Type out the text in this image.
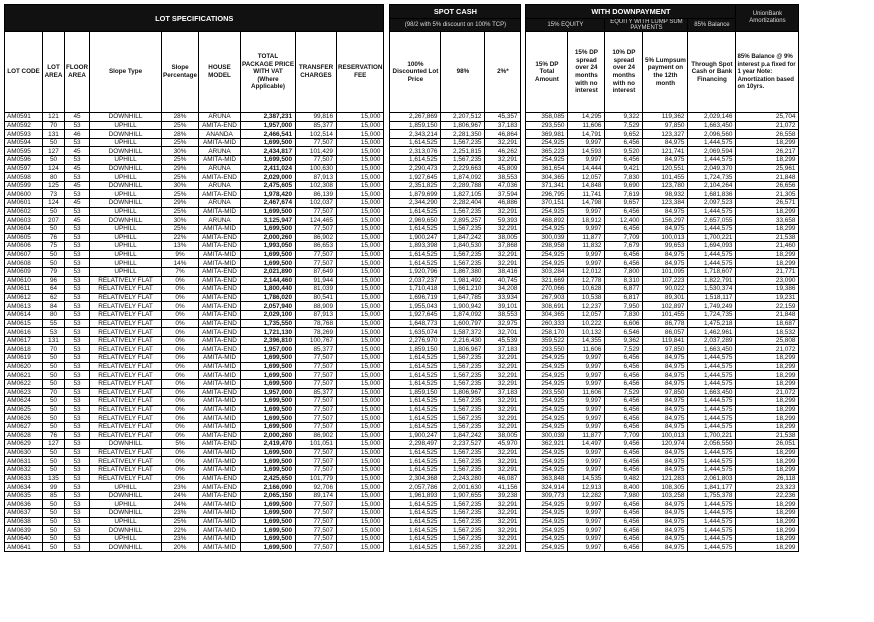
LOT SPECIFICATIONS										SPOT CASH				WITH DOWNPAYMENT					UnionBank Amortizations
										(98/2 with 5% discount on 100% TCP)				15% EQUITY		EQUITY WITH LUMP SUM PAYMENTS		85% Balance	
LOT CODE	LOT AREA	FLOOR AREA	Slope Type	Slope Percentage	HOUSE MODEL	TOTAL PACKAGE PRICE WITH VAT (Where Applicable)	TRANSFER CHARGES	RESERVATION FEE		100% Discounted Lot Price	98%	2%*		15% DP Total Amount	15% DP spread over 24 months with no interest	10% DP spread over 24 months with no interest	5% Lumpsum payment on the 12th month	Through Spot Cash or Bank Financing	85% Balance @ 9% interest p.a fixed for 1 year Note: Amortization based on 10yrs.
AM0591	121	45	DOWNHILL	28%	ARUNA	2,387,231	99,816	15,000		2,267,869	2,207,512	45,357		358,085	14,295	9,322	119,362	2,029,146	25,704
AM0592	70	53	UPHILL	25%	AMITA-END	1,957,000	85,377	15,000		1,859,150	1,806,967	37,183		293,550	11,606	7,529	97,850	1,663,450	21,072
AM0593	131	46	DOWNHILL	28%	ANANDA	2,466,541	102,514	15,000		2,343,214	2,281,350	46,864		369,981	14,791	9,652	123,327	2,096,560	26,558
AM0594	50	53	UPHILL	25%	AMITA-MID	1,699,500	77,507	15,000		1,614,525	1,567,235	32,291		254,925	9,997	6,456	84,975	1,444,575	18,299
AM0595	127	45	DOWNHILL	30%	ARUNA	2,434,817	101,429	15,000		2,313,076	2,251,815	46,262		365,223	14,593	9,520	121,741	2,069,594	26,217
AM0596	50	53	UPHILL	25%	AMITA-MID	1,699,500	77,507	15,000		1,614,525	1,567,235	32,291		254,925	9,997	6,456	84,975	1,444,575	18,299
AM0597	124	45	DOWNHILL	29%	ARUNA	2,411,024	100,630	15,000		2,290,473	2,229,663	45,809		361,654	14,444	9,421	120,551	2,049,370	25,961
AM0598	80	53	UPHILL	25%	AMITA-END	2,029,000	87,913	15,000		1,927,645	1,874,092	38,553		304,365	12,057	7,830	101,455	1,724,735	21,848
AM0599	125	45	DOWNHILL	30%	ARUNA	2,475,605	102,308	15,000		2,351,825	2,289,788	47,036		371,341	14,848	9,690	123,780	2,104,264	26,656
AM0600	73	53	UPHILL	25%	AMITA-END	1,978,420	86,139	15,000		1,879,699	1,827,105	37,594		296,795	11,741	7,619	98,932	1,681,836	21,305
AM0601	124	45	DOWNHILL	29%	ARUNA	2,467,674	102,037	15,000		2,344,290	2,282,404	46,886		370,151	14,798	9,657	123,384	2,097,523	26,571
AM0602	50	53	UPHILL	25%	AMITA-MID	1,699,500	77,507	15,000		1,614,525	1,567,235	32,291		254,925	9,997	6,456	84,975	1,444,575	18,299
AM0603	207	45	DOWNHILL	30%	ARUNA	3,125,947	124,465	15,000		2,969,650	2,895,257	59,393		468,892	18,912	12,400	156,297	2,657,055	33,658
AM0604	50	53	UPHILL	25%	AMITA-MID	1,699,500	77,507	15,000		1,614,525	1,567,235	32,291		254,925	9,997	6,456	84,975	1,444,575	18,299
AM0605	76	53	UPHILL	22%	AMITA-END	2,000,260	86,902	15,000		1,900,247	1,847,242	38,005		300,039	11,877	7,709	100,013	1,700,221	21,538
AM0606	75	53	UPHILL	13%	AMITA-END	1,993,050	86,653	15,000		1,893,398	1,840,530	37,868		298,958	11,832	7,679	99,653	1,694,093	21,460
AM0607	50	53	UPHILL	9%	AMITA-MID	1,699,500	77,507	15,000		1,614,525	1,567,235	32,291		254,925	9,997	6,456	84,975	1,444,575	18,299
AM0608	50	53	UPHILL	14%	AMITA-MID	1,699,500	77,507	15,000		1,614,525	1,567,235	32,291		254,925	9,997	6,456	84,975	1,444,575	18,299
AM0609	79	53	UPHILL	7%	AMITA-END	2,021,890	87,649	15,000		1,920,796	1,867,380	38,416		303,284	12,012	7,800	101,095	1,718,607	21,771
AM0610	96	53	RELATIVELY FLAT	0%	AMITA-END	2,144,460	91,944	15,000		2,037,237	1,981,492	40,745		321,669	12,778	8,310	107,223	1,822,791	23,090
AM0611	64	53	RELATIVELY FLAT	0%	AMITA-END	1,800,440	81,039	15,000		1,710,418	1,661,210	34,208		270,066	10,628	6,877	90,022	1,530,374	19,386
AM0612	62	53	RELATIVELY FLAT	0%	AMITA-END	1,786,020	80,541	15,000		1,696,719	1,647,785	33,934		267,903	10,538	6,817	89,301	1,518,117	19,231
AM0613	84	53	RELATIVELY FLAT	0%	AMITA-END	2,057,940	88,909	15,000		1,955,043	1,900,942	39,101		308,691	12,237	7,950	102,897	1,749,249	22,159
AM0614	80	53	RELATIVELY FLAT	0%	AMITA-END	2,029,100	87,913	15,000		1,927,645	1,874,092	38,553		304,365	12,057	7,830	101,455	1,724,735	21,848
AM0615	55	53	RELATIVELY FLAT	0%	AMITA-END	1,735,550	78,768	15,000		1,648,773	1,600,797	32,975		260,333	10,222	6,606	86,778	1,475,218	18,687
AM0616	53	53	RELATIVELY FLAT	0%	AMITA-END	1,721,130	78,269	15,000		1,635,074	1,587,372	32,701		258,170	10,132	6,546	86,057	1,462,961	18,532
AM0617	131	53	RELATIVELY FLAT	0%	AMITA-END	2,396,810	100,767	15,000		2,276,970	2,216,430	45,539		359,522	14,355	9,362	119,841	2,037,289	25,808
AM0618	70	53	RELATIVELY FLAT	0%	AMITA-END	1,957,000	85,377	15,000		1,859,150	1,806,967	37,183		293,550	11,606	7,529	97,850	1,663,450	21,072
AM0619	50	53	RELATIVELY FLAT	0%	AMITA-MID	1,699,500	77,507	15,000		1,614,525	1,567,235	32,291		254,925	9,997	6,456	84,975	1,444,575	18,299
AM0620	50	53	RELATIVELY FLAT	0%	AMITA-MID	1,699,500	77,507	15,000		1,614,525	1,567,235	32,291		254,925	9,997	6,456	84,975	1,444,575	18,299
AM0621	50	53	RELATIVELY FLAT	0%	AMITA-MID	1,699,500	77,507	15,000		1,614,525	1,567,235	32,291		254,925	9,997	6,456	84,975	1,444,575	18,299
AM0622	50	53	RELATIVELY FLAT	0%	AMITA-MID	1,699,500	77,507	15,000		1,614,525	1,567,235	32,291		254,925	9,997	6,456	84,975	1,444,575	18,299
AM0623	70	53	RELATIVELY FLAT	0%	AMITA-END	1,957,000	85,377	15,000		1,859,150	1,806,967	37,183		293,550	11,606	7,529	97,850	1,663,450	21,072
AM0624	50	53	RELATIVELY FLAT	0%	AMITA-MID	1,699,500	77,507	15,000		1,614,525	1,567,235	32,291		254,925	9,997	6,456	84,975	1,444,575	18,299
AM0625	50	53	RELATIVELY FLAT	0%	AMITA-MID	1,699,500	77,507	15,000		1,614,525	1,567,235	32,291		254,925	9,997	6,456	84,975	1,444,575	18,299
AM0626	50	53	RELATIVELY FLAT	0%	AMITA-MID	1,699,500	77,507	15,000		1,614,525	1,567,235	32,291		254,925	9,997	6,456	84,975	1,444,575	18,299
AM0627	50	53	RELATIVELY FLAT	0%	AMITA-MID	1,699,500	77,507	15,000		1,614,525	1,567,235	32,291		254,925	9,997	6,456	84,975	1,444,575	18,299
AM0628	76	53	RELATIVELY FLAT	0%	AMITA-END	2,000,260	86,902	15,000		1,900,247	1,847,242	38,005		300,039	11,877	7,709	100,013	1,700,221	21,538
AM0629	127	53	DOWNHILL	5%	AMITA-END	2,419,470	101,051	15,000		2,298,497	2,237,527	45,970		362,921	14,497	9,456	120,974	2,056,550	26,051
AM0630	50	53	RELATIVELY FLAT	0%	AMITA-MID	1,699,500	77,507	15,000		1,614,525	1,567,235	32,291		254,925	9,997	6,456	84,975	1,444,575	18,299
AM0631	50	53	RELATIVELY FLAT	0%	AMITA-MID	1,699,500	77,507	15,000		1,614,525	1,567,235	32,291		254,925	9,997	6,456	84,975	1,444,575	18,299
AM0632	50	53	RELATIVELY FLAT	0%	AMITA-MID	1,699,500	77,507	15,000		1,614,525	1,567,235	32,291		254,925	9,997	6,456	84,975	1,444,575	18,299
AM0633	135	53	RELATIVELY FLAT	0%	AMITA-END	2,425,650	101,779	15,000		2,304,368	2,243,280	46,087		363,848	14,535	9,482	121,283	2,061,803	26,118
AM0634	99	53	UPHILL	23%	AMITA-END	2,166,090	92,706	15,000		2,057,786	2,001,630	41,156		324,914	12,913	8,400	108,305	1,841,177	23,323
AM0635	85	53	DOWNHILL	24%	AMITA-END	2,065,150	89,174	15,000		1,961,893	1,907,655	39,238		309,773	12,282	7,980	103,258	1,755,378	22,236
AM0636	50	53	UPHILL	24%	AMITA-MID	1,699,500	77,507	15,000		1,614,525	1,567,235	32,291		254,925	9,997	6,456	84,975	1,444,575	18,299
AM0637	50	53	DOWNHILL	23%	AMITA-MID	1,699,500	77,507	15,000		1,614,525	1,567,235	32,291		254,925	9,997	6,456	84,975	1,444,575	18,299
AM0638	50	53	UPHILL	25%	AMITA-MID	1,699,500	77,507	15,000		1,614,525	1,567,235	32,291		254,925	9,997	6,456	84,975	1,444,575	18,299
AM0639	50	53	DOWNHILL	22%	AMITA-MID	1,699,500	77,507	15,000		1,614,525	1,567,235	32,291		254,925	9,997	6,456	84,975	1,444,575	18,299
AM0640	50	53	UPHILL	23%	AMITA-MID	1,699,500	77,507	15,000		1,614,525	1,567,235	32,291		254,925	9,997	6,456	84,975	1,444,575	18,299
AM0641	50	53	DOWNHILL	20%	AMITA-MID	1,699,500	77,507	15,000		1,614,525	1,567,235	32,291		254,925	9,997	6,456	84,975	1,444,575	18,299
